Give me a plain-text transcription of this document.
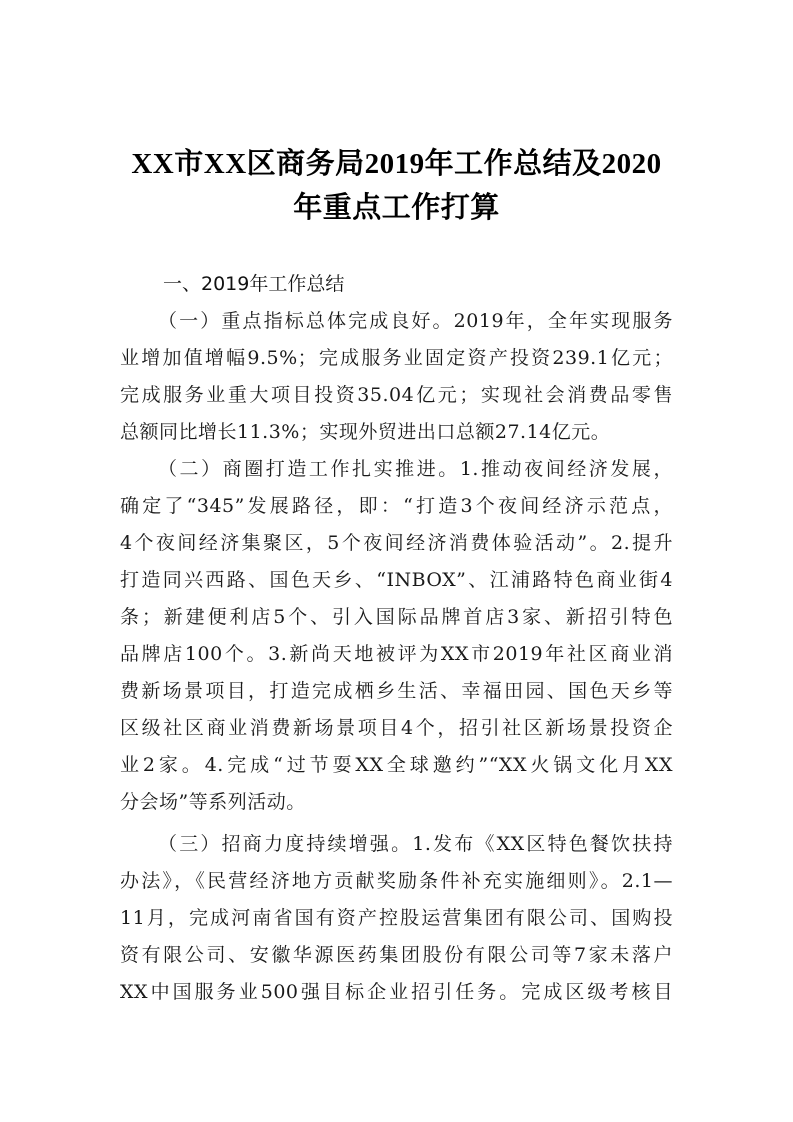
XX市XX区商务局2019年工作总结及2020
年重点工作打算
一、2019年工作总结
（一）重点指标总体完成良好。2019年，全年实现服务
业增加值增幅9.5%；完成服务业固定资产投资239.1亿元；
完成服务业重大项目投资35.04亿元；实现社会消费品零售
总额同比增长11.3%；实现外贸进出口总额27.14亿元。
（二）商圈打造工作扎实推进。1.推动夜间经济发展，
确定了“345”发展路径，即：“打造3个夜间经济示范点，
4个夜间经济集聚区，5个夜间经济消费体验活动”。2.提升
打造同兴西路、国色天乡、“INBOX”、江浦路特色商业街4
条；新建便利店5个、引入国际品牌首店3家、新招引特色
品牌店100个。3.新尚天地被评为XX市2019年社区商业消
费新场景项目，打造完成栖乡生活、幸福田园、国色天乡等
区级社区商业消费新场景项目4个，招引社区新场景投资企
业2家。4.完成“过节耍XX全球邀约”“XX火锅文化月XX
分会场”等系列活动。
（三）招商力度持续增强。1.发布《XX区特色餐饮扶持
办法》，《民营经济地方贡献奖励条件补充实施细则》。2.1—
11月，完成河南省国有资产控股运营集团有限公司、国购投
资有限公司、安徽华源医药集团股份有限公司等7家未落户
XX中国服务业500强目标企业招引任务。完成区级考核目
